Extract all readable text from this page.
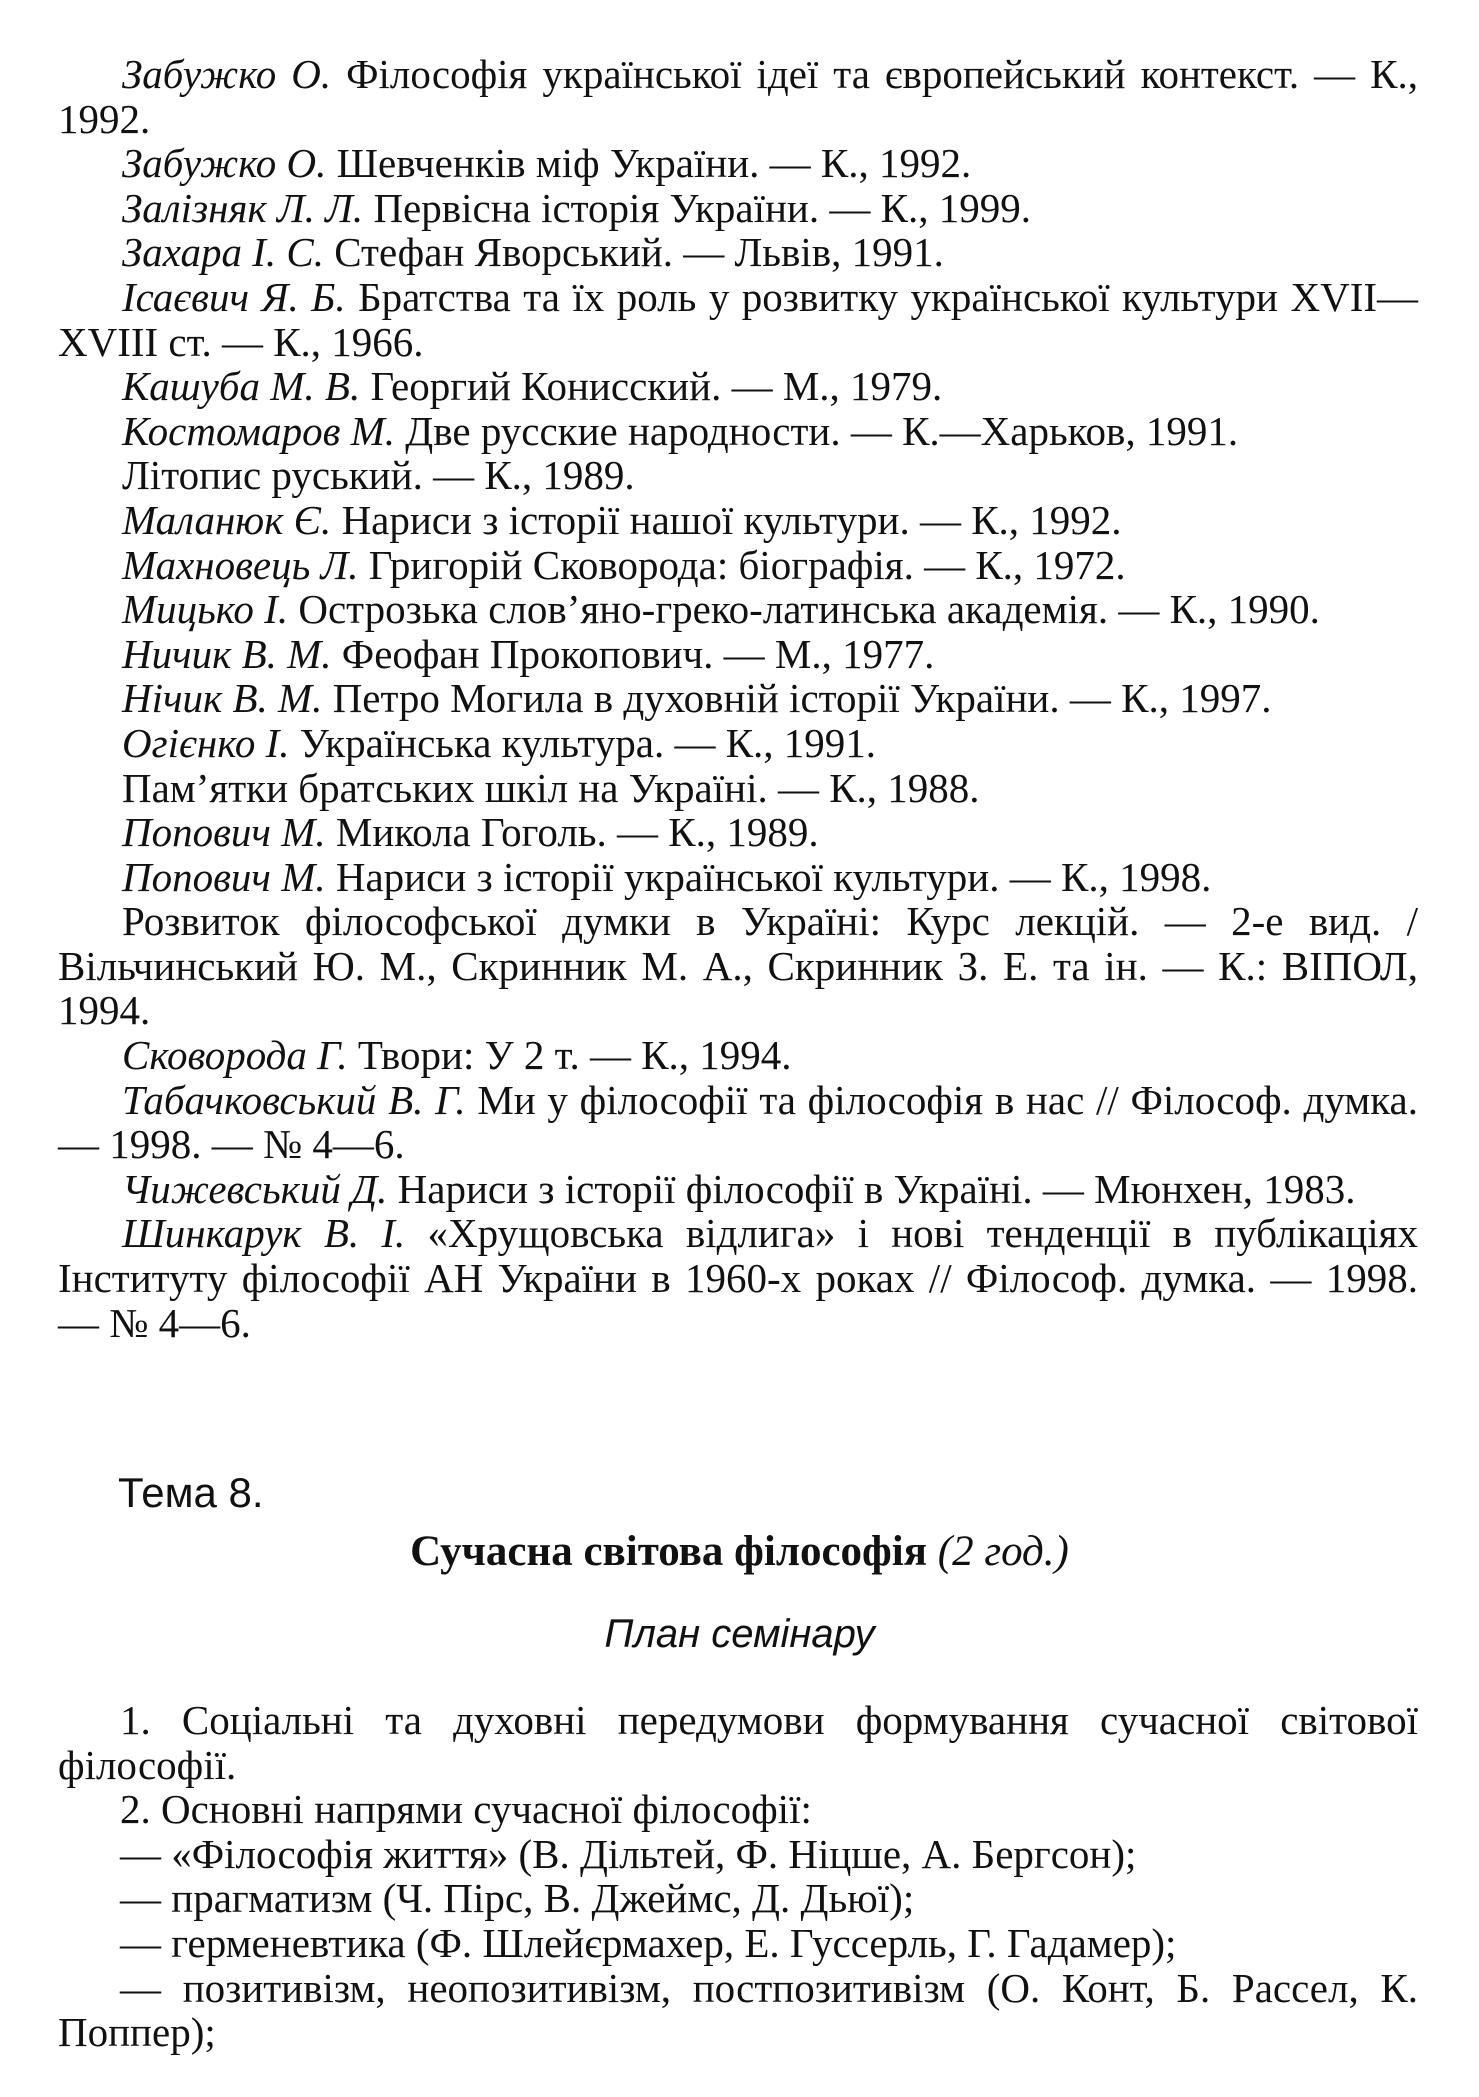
Забужко О. Філософія української ідеї та європейський контекст. — К., 1992.
Забужко О. Шевченків міф України. — К., 1992.
Залізняк Л. Л. Первісна історія України. — К., 1999.
Захара І. С. Стефан Яворський. — Львів, 1991.
Ісаєвич Я. Б. Братства та їх роль у розвитку української культури XVII—XVIII ст. — К., 1966.
Кашуба М. В. Георгий Конисский. — М., 1979.
Костомаров М. Две русские народности. — К.—Харьков, 1991.
Літопис руський. — К., 1989.
Маланюк Є. Нариси з історії нашої культури. — К., 1992.
Махновець Л. Григорій Сковорода: біографія. — К., 1972.
Мицько І. Острозька слов’яно-греко-латинська академія. — К., 1990.
Ничик В. М. Феофан Прокопович. — М., 1977.
Нічик В. М. Петро Могила в духовній історії України. — К., 1997.
Огієнко І. Українська культура. — К., 1991.
Пам’ятки братських шкіл на Україні. — К., 1988.
Попович М. Микола Гоголь. — К., 1989.
Попович М. Нариси з історії української культури. — К., 1998.
Розвиток філософської думки в Україні: Курс лекцій. — 2-е вид. / Вільчинський Ю. М., Скринник М. А., Скринник З. Е. та ін. — К.: ВІПОЛ, 1994.
Сковорода Г. Твори: У 2 т. — К., 1994.
Табачковський В. Г. Ми у філософії та філософія в нас // Філософ. думка. — 1998. — № 4—6.
Чижевський Д. Нариси з історії філософії в Україні. — Мюнхен, 1983.
Шинкарук В. І. «Хрущовська відлига» і нові тенденції в публікаціях Інституту філософії АН України в 1960-х роках // Філософ. думка. — 1998. — № 4—6.
Тема 8.
Сучасна світова філософія (2 год.)
План семінару
1. Соціальні та духовні передумови формування сучасної світової філософії.
2. Основні напрями сучасної філософії:
— «Філософія життя» (В. Дільтей, Ф. Ніцше, А. Бергсон);
— прагматизм (Ч. Пірс, В. Джеймс, Д. Дьюї);
— герменевтика (Ф. Шлейєрмахер, Е. Гуссерль, Г. Гадамер);
— позитивізм, неопозитивізм, постпозитивізм (О. Конт, Б. Рассел, К. Поппер);
